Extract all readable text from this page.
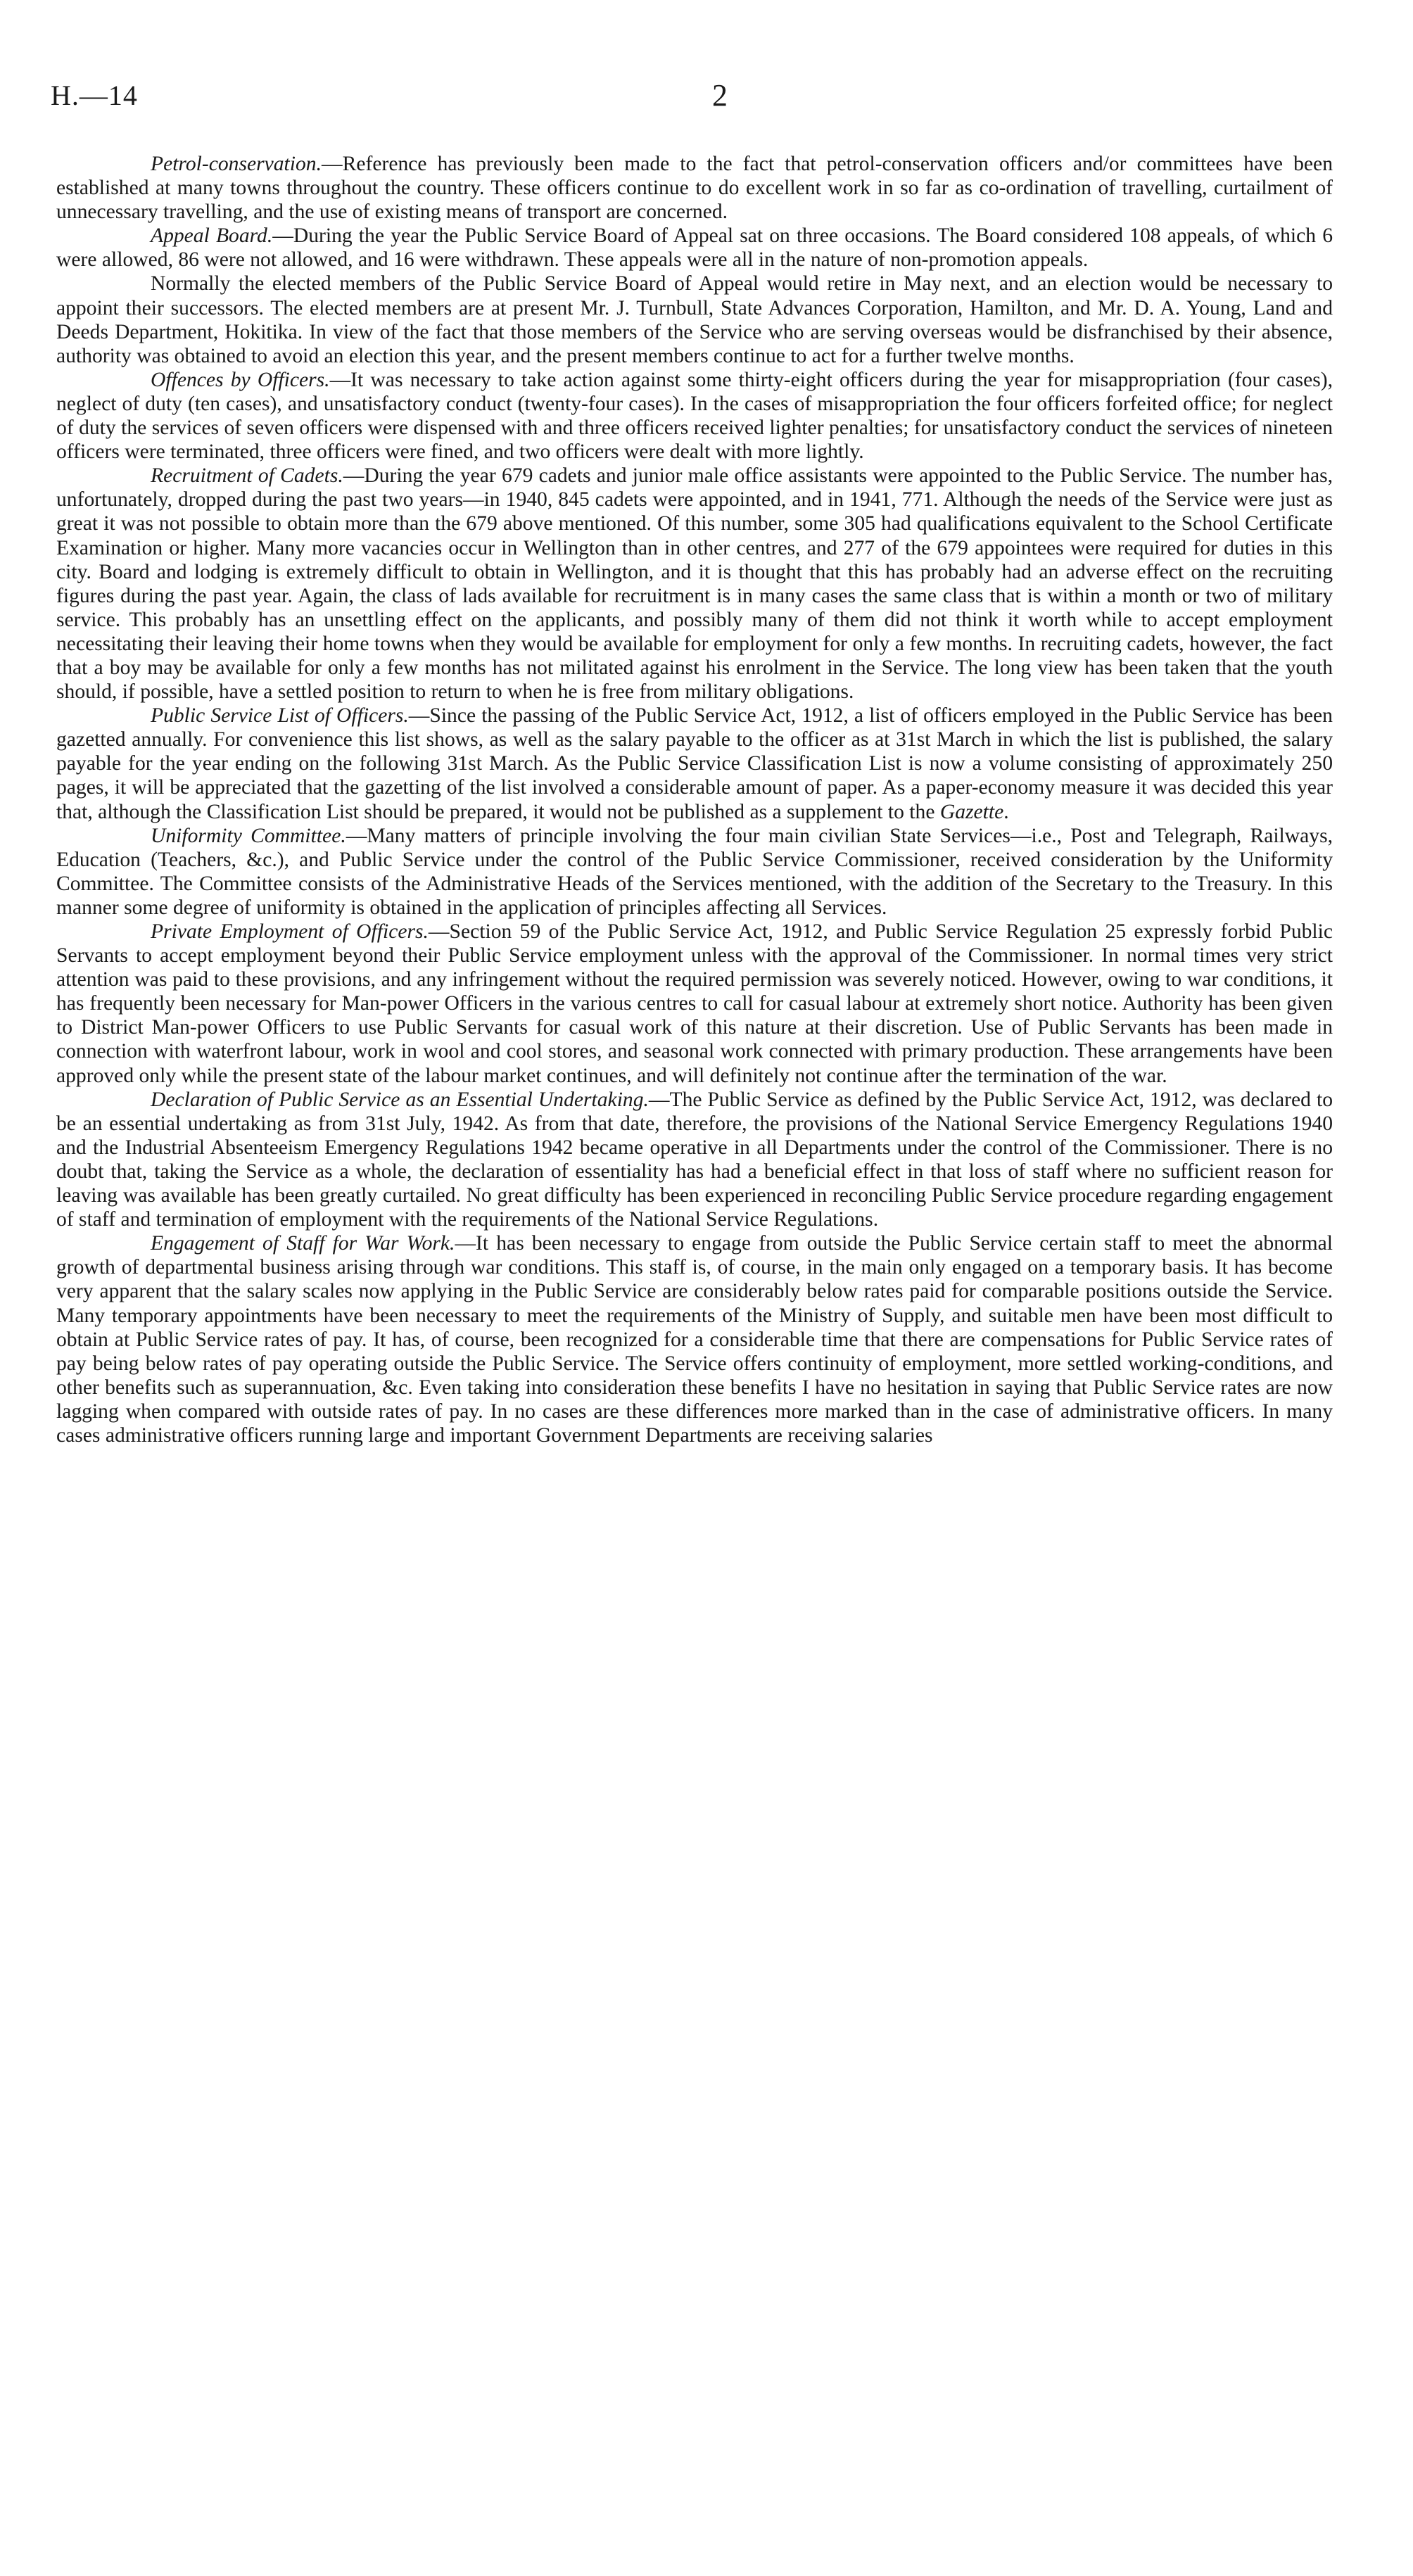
H.—14	2

Petrol-conservation.—Reference has previously been made to the fact that petrol-conservation officers and/or committees have been established at many towns throughout the country. These officers continue to do excellent work in so far as co-ordination of travelling, curtailment of unnecessary travelling, and the use of existing means of transport are concerned.

Appeal Board.—During the year the Public Service Board of Appeal sat on three occasions. The Board considered 108 appeals, of which 6 were allowed, 86 were not allowed, and 16 were withdrawn. These appeals were all in the nature of non-promotion appeals.

Normally the elected members of the Public Service Board of Appeal would retire in May next, and an election would be necessary to appoint their successors. The elected members are at present Mr. J. Turnbull, State Advances Corporation, Hamilton, and Mr. D. A. Young, Land and Deeds Department, Hokitika. In view of the fact that those members of the Service who are serving overseas would be disfranchised by their absence, authority was obtained to avoid an election this year, and the present members continue to act for a further twelve months.

Offences by Officers.—It was necessary to take action against some thirty-eight officers during the year for misappropriation (four cases), neglect of duty (ten cases), and unsatisfactory conduct (twenty-four cases). In the cases of misappropriation the four officers forfeited office; for neglect of duty the services of seven officers were dispensed with and three officers received lighter penalties; for unsatisfactory conduct the services of nineteen officers were terminated, three officers were fined, and two officers were dealt with more lightly.

Recruitment of Cadets.—During the year 679 cadets and junior male office assistants were appointed to the Public Service. The number has, unfortunately, dropped during the past two years—in 1940, 845 cadets were appointed, and in 1941, 771. Although the needs of the Service were just as great it was not possible to obtain more than the 679 above mentioned. Of this number, some 305 had qualifications equivalent to the School Certificate Examination or higher. Many more vacancies occur in Wellington than in other centres, and 277 of the 679 appointees were required for duties in this city. Board and lodging is extremely difficult to obtain in Wellington, and it is thought that this has probably had an adverse effect on the recruiting figures during the past year. Again, the class of lads available for recruitment is in many cases the same class that is within a month or two of military service. This probably has an unsettling effect on the applicants, and possibly many of them did not think it worth while to accept employment necessitating their leaving their home towns when they would be available for employment for only a few months. In recruiting cadets, however, the fact that a boy may be available for only a few months has not militated against his enrolment in the Service. The long view has been taken that the youth should, if possible, have a settled position to return to when he is free from military obligations.

Public Service List of Officers.—Since the passing of the Public Service Act, 1912, a list of officers employed in the Public Service has been gazetted annually. For convenience this list shows, as well as the salary payable to the officer as at 31st March in which the list is published, the salary payable for the year ending on the following 31st March. As the Public Service Classification List is now a volume consisting of approximately 250 pages, it will be appreciated that the gazetting of the list involved a considerable amount of paper. As a paper-economy measure it was decided this year that, although the Classification List should be prepared, it would not be published as a supplement to the Gazette.

Uniformity Committee.—Many matters of principle involving the four main civilian State Services—i.e., Post and Telegraph, Railways, Education (Teachers, &c.), and Public Service under the control of the Public Service Commissioner, received consideration by the Uniformity Committee. The Committee consists of the Administrative Heads of the Services mentioned, with the addition of the Secretary to the Treasury. In this manner some degree of uniformity is obtained in the application of principles affecting all Services.

Private Employment of Officers.—Section 59 of the Public Service Act, 1912, and Public Service Regulation 25 expressly forbid Public Servants to accept employment beyond their Public Service employment unless with the approval of the Commissioner. In normal times very strict attention was paid to these provisions, and any infringement without the required permission was severely noticed. However, owing to war conditions, it has frequently been necessary for Man-power Officers in the various centres to call for casual labour at extremely short notice. Authority has been given to District Man-power Officers to use Public Servants for casual work of this nature at their discretion. Use of Public Servants has been made in connection with waterfront labour, work in wool and cool stores, and seasonal work connected with primary production. These arrangements have been approved only while the present state of the labour market continues, and will definitely not continue after the termination of the war.

Declaration of Public Service as an Essential Undertaking.—The Public Service as defined by the Public Service Act, 1912, was declared to be an essential undertaking as from 31st July, 1942. As from that date, therefore, the provisions of the National Service Emergency Regulations 1940 and the Industrial Absenteeism Emergency Regulations 1942 became operative in all Departments under the control of the Commissioner. There is no doubt that, taking the Service as a whole, the declaration of essentiality has had a beneficial effect in that loss of staff where no sufficient reason for leaving was available has been greatly curtailed. No great difficulty has been experienced in reconciling Public Service procedure regarding engagement of staff and termination of employment with the requirements of the National Service Regulations.

Engagement of Staff for War Work.—It has been necessary to engage from outside the Public Service certain staff to meet the abnormal growth of departmental business arising through war conditions. This staff is, of course, in the main only engaged on a temporary basis. It has become very apparent that the salary scales now applying in the Public Service are considerably below rates paid for comparable positions outside the Service. Many temporary appointments have been necessary to meet the requirements of the Ministry of Supply, and suitable men have been most difficult to obtain at Public Service rates of pay. It has, of course, been recognized for a considerable time that there are compensations for Public Service rates of pay being below rates of pay operating outside the Public Service. The Service offers continuity of employment, more settled working-conditions, and other benefits such as superannuation, &c. Even taking into consideration these benefits I have no hesitation in saying that Public Service rates are now lagging when compared with outside rates of pay. In no cases are these differences more marked than in the case of administrative officers. In many cases administrative officers running large and important Government Departments are receiving salaries
